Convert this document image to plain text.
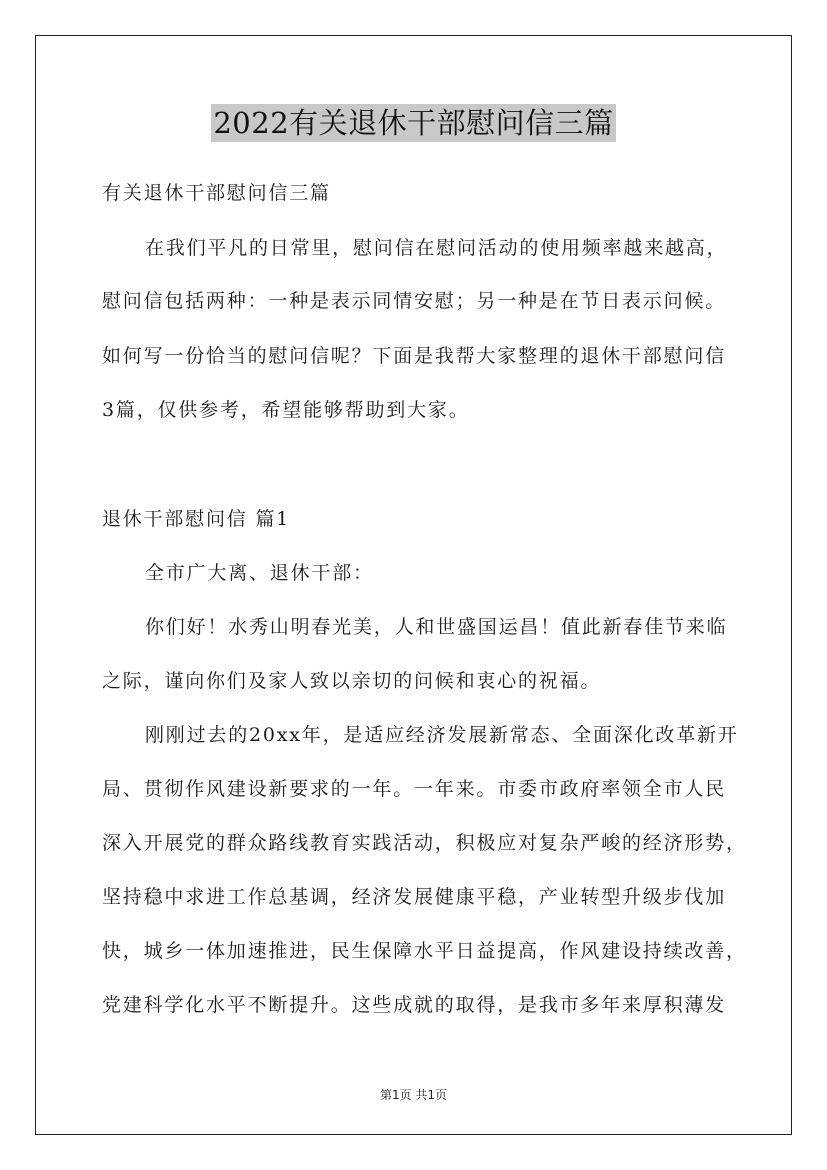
2022有关退休干部慰问信三篇
有关退休干部慰问信三篇
在我们平凡的日常里，慰问信在慰问活动的使用频率越来越高，
慰问信包括两种：一种是表示同情安慰；另一种是在节日表示问候。
如何写一份恰当的慰问信呢？下面是我帮大家整理的退休干部慰问信
3篇，仅供参考，希望能够帮助到大家。
退休干部慰问信 篇1
全市广大离、退休干部：
你们好！水秀山明春光美，人和世盛国运昌！值此新春佳节来临
之际，谨向你们及家人致以亲切的问候和衷心的祝福。
刚刚过去的20xx年，是适应经济发展新常态、全面深化改革新开
局、贯彻作风建设新要求的一年。一年来。市委市政府率领全市人民
深入开展党的群众路线教育实践活动，积极应对复杂严峻的经济形势，
坚持稳中求进工作总基调，经济发展健康平稳，产业转型升级步伐加
快，城乡一体加速推进，民生保障水平日益提高，作风建设持续改善，
党建科学化水平不断提升。这些成就的取得，是我市多年来厚积薄发
第1页 共1页
